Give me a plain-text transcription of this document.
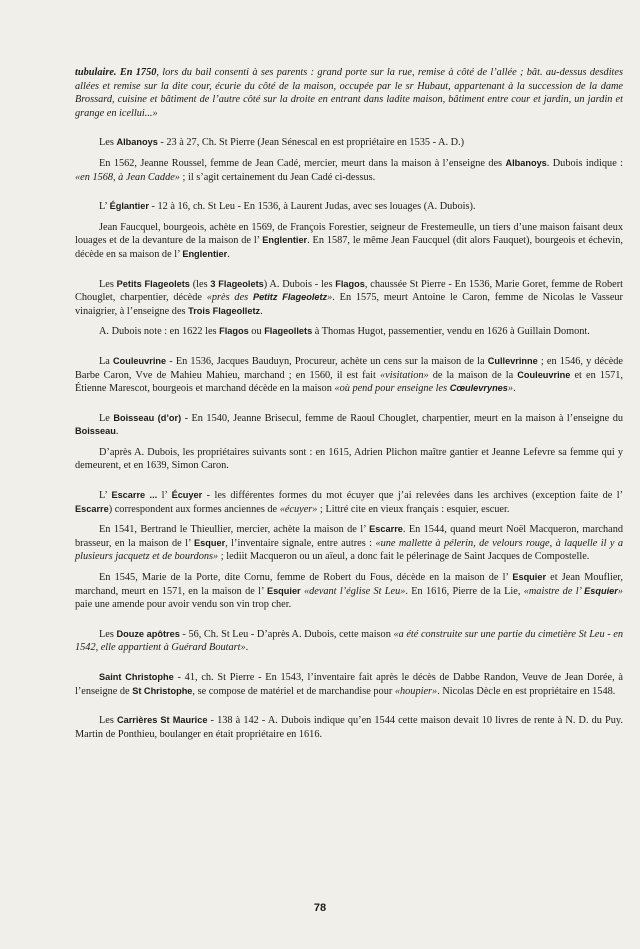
tubulaire. En 1750, lors du bail consenti à ses parents : grand porte sur la rue, remise à côté de l’allée ; bât. au-dessus desdites allées et remise sur la dite cour, écurie du côté de la maison, occupée par le sr Hubaut, appartenant à la succession de la dame Brossard, cuisine et bâtiment de l’autre côté sur la droite en entrant dans ladite maison, bâtiment entre cour et jardin, un jardin et grange en icellui...»

Les Albanoys - 23 à 27, Ch. St Pierre (Jean Sénescal en est propriétaire en 1535 - A. D.)

En 1562, Jeanne Roussel, femme de Jean Cadé, mercier, meurt dans la maison à l’enseigne des Albanoys. Dubois indique : «en 1568, à Jean Cadde» ; il s’agit certainement du Jean Cadé ci-dessus.

L’ Églantier - 12 à 16, ch. St Leu - En 1536, à Laurent Judas, avec ses louages (A. Dubois).

Jean Faucquel, bourgeois, achète en 1569, de François Forestier, seigneur de Frestemeulle, un tiers d’une maison faisant deux louages et de la devanture de la maison de l’ Englentier. En 1587, le même Jean Faucquel (dit alors Fauquet), bourgeois et échevin, décède en sa maison de l’ Englentier.

Les Petits Flageolets (les 3 Flageolets) A. Dubois - les Flagos, chaussée St Pierre - En 1536, Marie Goret, femme de Robert Chouglet, charpentier, décède «près des Petitz Flageoletz». En 1575, meurt Antoine le Caron, femme de Nicolas le Vasseur vinaigrier, à l’enseigne des Trois Flageolletz.

A. Dubois note : en 1622 les Flagos ou Flageollets à Thomas Hugot, passementier, vendu en 1626 à Guillain Domont.

La Couleuvrine - En 1536, Jacques Bauduyn, Procureur, achète un cens sur la maison de la Cullevrinne ; en 1546, y décède Barbe Caron, Vve de Mahieu Mahieu, marchand ; en 1560, il est fait «visitation» de la maison de la Couleuvrine et en 1571, Étienne Marescot, bourgeois et marchand décède en la maison «où pend pour enseigne les Cœulevrynes».

Le Boisseau (d’or) - En 1540, Jeanne Brisecul, femme de Raoul Chouglet, charpentier, meurt en la maison à l’enseigne du Boisseau.

D’après A. Dubois, les propriétaires suivants sont : en 1615, Adrien Plichon maître gantier et Jeanne Lefevre sa femme qui y demeurent, et en 1639, Simon Caron.

L’ Escarre ... l’ Écuyer - les différentes formes du mot écuyer que j’ai relevées dans les archives (exception faite de l’ Escarre) correspondent aux formes anciennes de «écuyer» ; Littré cite en vieux français : esquier, escuer.

En 1541, Bertrand le Thieullier, mercier, achète la maison de l’ Escarre. En 1544, quand meurt Noël Macqueron, marchand brasseur, en la maison de l’ Esquer, l’inventaire signale, entre autres : «une mallette à pélerin, de velours rouge, à laquelle il y a plusieurs jacquetz et de bourdons» ; lediit Macqueron ou un aïeul, a donc fait le pélerinage de Saint Jacques de Compostelle.

En 1545, Marie de la Porte, dite Cornu, femme de Robert du Fous, décède en la maison de l’ Esquier et Jean Mouflier, marchand, meurt en 1571, en la maison de l’ Esquier «devant l’église St Leu». En 1616, Pierre de la Lie, «maistre de l’ Esquier» paie une amende pour avoir vendu son vin trop cher.

Les Douze apôtres - 56, Ch. St Leu - D’après A. Dubois, cette maison «a été construite sur une partie du cimetière St Leu - en 1542, elle appartient à Guérard Boutart».

Saint Christophe - 41, ch. St Pierre - En 1543, l’inventaire fait après le décès de Dabbe Randon, Veuve de Jean Dorée, à l’enseigne de St Christophe, se compose de matériel et de marchandise pour «houpier». Nicolas Dècle en est propriétaire en 1548.

Les Carrières St Maurice - 138 à 142 - A. Dubois indique qu’en 1544 cette maison devait 10 livres de rente à N. D. du Puy. Martin de Ponthieu, boulanger en était propriétaire en 1616.

78
